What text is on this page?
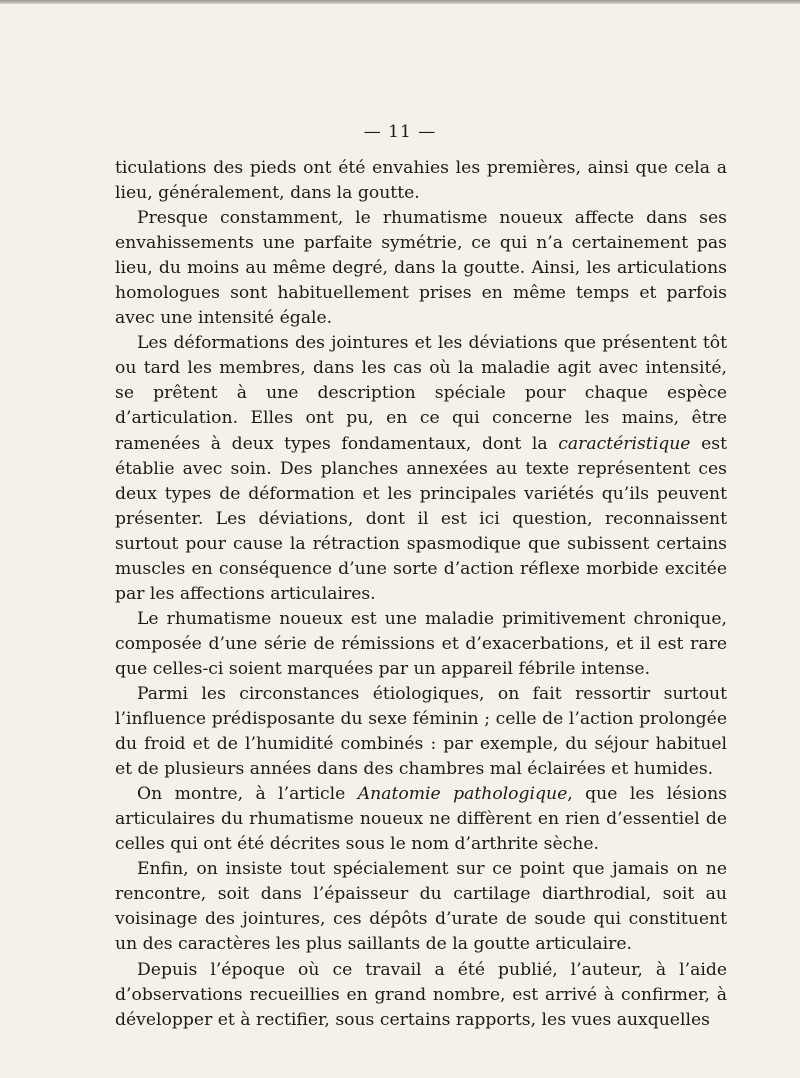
— 11 —

ticulations des pieds ont été envahies les premières, ainsi que cela a lieu, généralement, dans la goutte.

Presque constamment, le rhumatisme noueux affecte dans ses envahissements une parfaite symétrie, ce qui n’a certainement pas lieu, du moins au même degré, dans la goutte. Ainsi, les articulations homologues sont habituellement prises en même temps et parfois avec une intensité égale.

Les déformations des jointures et les déviations que présentent tôt ou tard les membres, dans les cas où la maladie agit avec intensité, se prêtent à une description spéciale pour chaque espèce d’articulation. Elles ont pu, en ce qui concerne les mains, être ramenées à deux types fondamentaux, dont la caractéristique est établie avec soin. Des planches annexées au texte représentent ces deux types de déformation et les principales variétés qu’ils peuvent présenter. Les déviations, dont il est ici question, reconnaissent surtout pour cause la rétraction spasmodique que subissent certains muscles en conséquence d’une sorte d’action réflexe morbide excitée par les affections articulaires.

Le rhumatisme noueux est une maladie primitivement chronique, composée d’une série de rémissions et d’exacerbations, et il est rare que celles-ci soient marquées par un appareil fébrile intense.

Parmi les circonstances étiologiques, on fait ressortir surtout l’influence prédisposante du sexe féminin ; celle de l’action prolongée du froid et de l’humidité combinés : par exemple, du séjour habituel et de plusieurs années dans des chambres mal éclairées et humides.

On montre, à l’article Anatomie pathologique, que les lésions articulaires du rhumatisme noueux ne diffèrent en rien d’essentiel de celles qui ont été décrites sous le nom d’arthrite sèche.

Enfin, on insiste tout spécialement sur ce point que jamais on ne rencontre, soit dans l’épaisseur du cartilage diarthrodial, soit au voisinage des jointures, ces dépôts d’urate de soude qui constituent un des caractères les plus saillants de la goutte articulaire.

Depuis l’époque où ce travail a été publié, l’auteur, à l’aide d’observations recueillies en grand nombre, est arrivé à confirmer, à développer et à rectifier, sous certains rapports, les vues auxquelles
